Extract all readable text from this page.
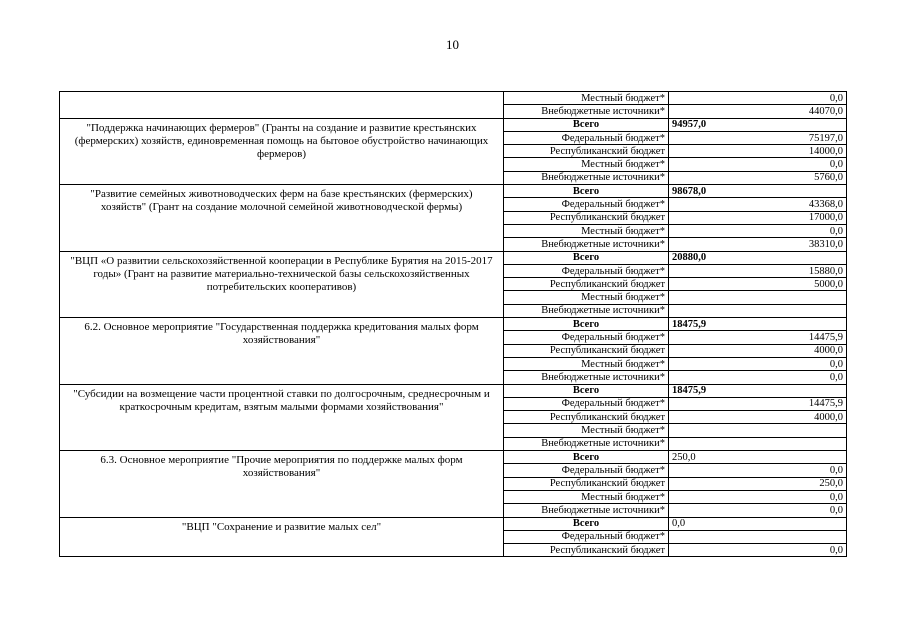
10
	Местный бюджет*	0,0
	Внебюджетные источники*	44070,0
"Поддержка начинающих фермеров" (Гранты на создание и развитие крестьянских (фермерских) хозяйств, единовременная помощь на бытовое обустройство начинающих фермеров)	Всего	94957,0
	Федеральный бюджет*	75197,0
	Республиканский бюджет	14000,0
	Местный бюджет*	0,0
	Внебюджетные источники*	5760,0
"Развитие семейных животноводческих ферм на базе крестьянских (фермерских) хозяйств" (Грант на создание молочной семейной животноводческой фермы)	Всего	98678,0
	Федеральный бюджет*	43368,0
	Республиканский бюджет	17000,0
	Местный бюджет*	0,0
	Внебюджетные источники*	38310,0
"ВЦП «О развитии сельскохозяйственной кооперации в Республике Бурятия на 2015-2017 годы» (Грант на развитие материально-технической базы сельскохозяйственных потребительских кооперативов)	Всего	20880,0
	Федеральный бюджет*	15880,0
	Республиканский бюджет	5000,0
	Местный бюджет*	
	Внебюджетные источники*	
6.2. Основное мероприятие "Государственная поддержка кредитования малых форм хозяйствования"	Всего	18475,9
	Федеральный бюджет*	14475,9
	Республиканский бюджет	4000,0
	Местный бюджет*	0,0
	Внебюджетные источники*	0,0
"Субсидии на возмещение части процентной ставки по долгосрочным, среднесрочным и краткосрочным кредитам, взятым малыми формами хозяйствования"	Всего	18475,9
	Федеральный бюджет*	14475,9
	Республиканский бюджет	4000,0
	Местный бюджет*	
	Внебюджетные источники*	
6.3. Основное мероприятие "Прочие мероприятия по поддержке малых форм хозяйствования"	Всего	250,0
	Федеральный бюджет*	0,0
	Республиканский бюджет	250,0
	Местный бюджет*	0,0
	Внебюджетные источники*	0,0
"ВЦП "Сохранение и развитие малых сел"	Всего	0,0
	Федеральный бюджет*	
	Республиканский бюджет	0,0
